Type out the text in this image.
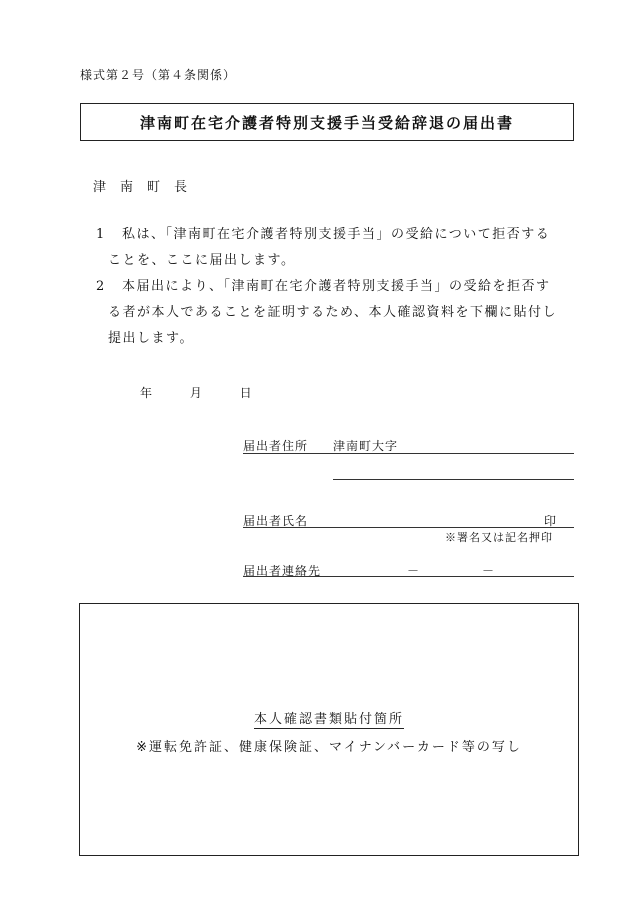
様式第２号（第４条関係）
津南町在宅介護者特別支援手当受給辞退の届出書
津南町長
1	私は、「津南町在宅介護者特別支援手当」の受給について拒否する
ことを、ここに届出します。
2	本届出により、「津南町在宅介護者特別支援手当」の受給を拒否す
る者が本人であることを証明するため、本人確認資料を下欄に貼付し
提出します。
年	月	日
届出者住所 津南町大字
届出者氏名	印
※署名又は記名押印
届出者連絡先	－	－
本人確認書類貼付箇所
※運転免許証、健康保険証、マイナンバーカード等の写し
